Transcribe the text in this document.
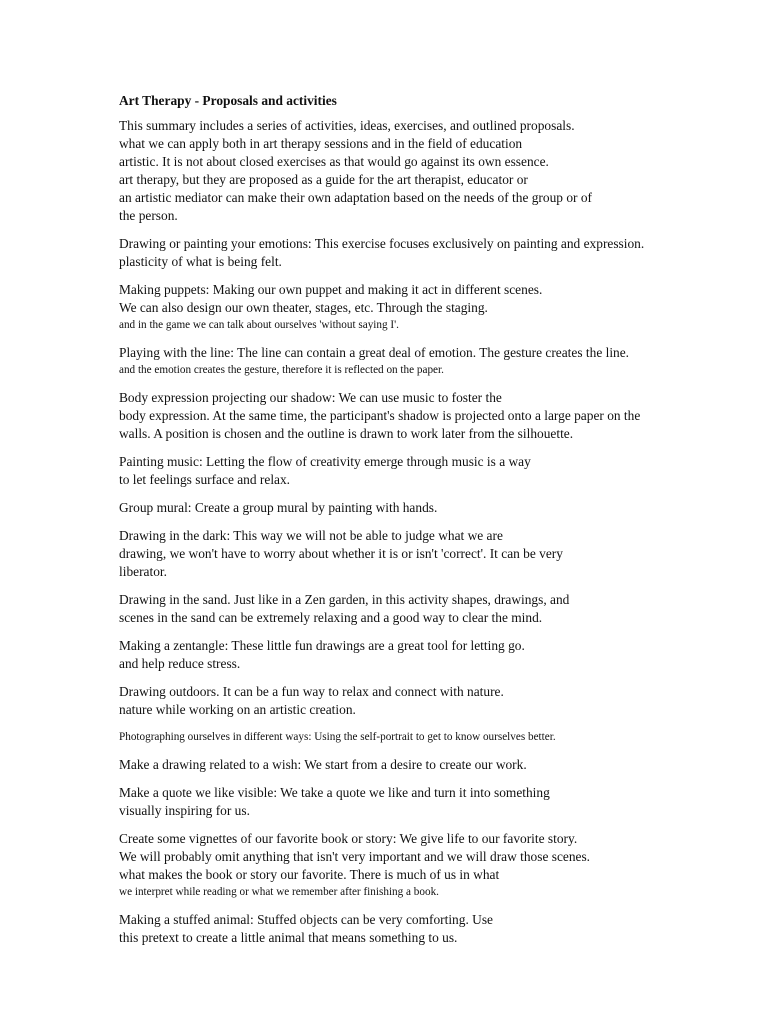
Art Therapy - Proposals and activities
This summary includes a series of activities, ideas, exercises, and outlined proposals.
what we can apply both in art therapy sessions and in the field of education
artistic. It is not about closed exercises as that would go against its own essence.
art therapy, but they are proposed as a guide for the art therapist, educator or
an artistic mediator can make their own adaptation based on the needs of the group or of
the person.
Drawing or painting your emotions: This exercise focuses exclusively on painting and expression.
plasticity of what is being felt.
Making puppets: Making our own puppet and making it act in different scenes.
We can also design our own theater, stages, etc. Through the staging.
and in the game we can talk about ourselves 'without saying I'.
Playing with the line: The line can contain a great deal of emotion. The gesture creates the line.
and the emotion creates the gesture, therefore it is reflected on the paper.
Body expression projecting our shadow: We can use music to foster the
body expression. At the same time, the participant's shadow is projected onto a large paper on the
walls. A position is chosen and the outline is drawn to work later from the silhouette.
Painting music: Letting the flow of creativity emerge through music is a way
to let feelings surface and relax.
Group mural: Create a group mural by painting with hands.
Drawing in the dark: This way we will not be able to judge what we are
drawing, we won't have to worry about whether it is or isn't 'correct'. It can be very
liberator.
Drawing in the sand. Just like in a Zen garden, in this activity shapes, drawings, and
scenes in the sand can be extremely relaxing and a good way to clear the mind.
Making a zentangle: These little fun drawings are a great tool for letting go.
and help reduce stress.
Drawing outdoors. It can be a fun way to relax and connect with nature.
nature while working on an artistic creation.
Photographing ourselves in different ways: Using the self-portrait to get to know ourselves better.
Make a drawing related to a wish: We start from a desire to create our work.
Make a quote we like visible: We take a quote we like and turn it into something
visually inspiring for us.
Create some vignettes of our favorite book or story: We give life to our favorite story.
We will probably omit anything that isn't very important and we will draw those scenes.
what makes the book or story our favorite. There is much of us in what
we interpret while reading or what we remember after finishing a book.
Making a stuffed animal: Stuffed objects can be very comforting. Use
this pretext to create a little animal that means something to us.
